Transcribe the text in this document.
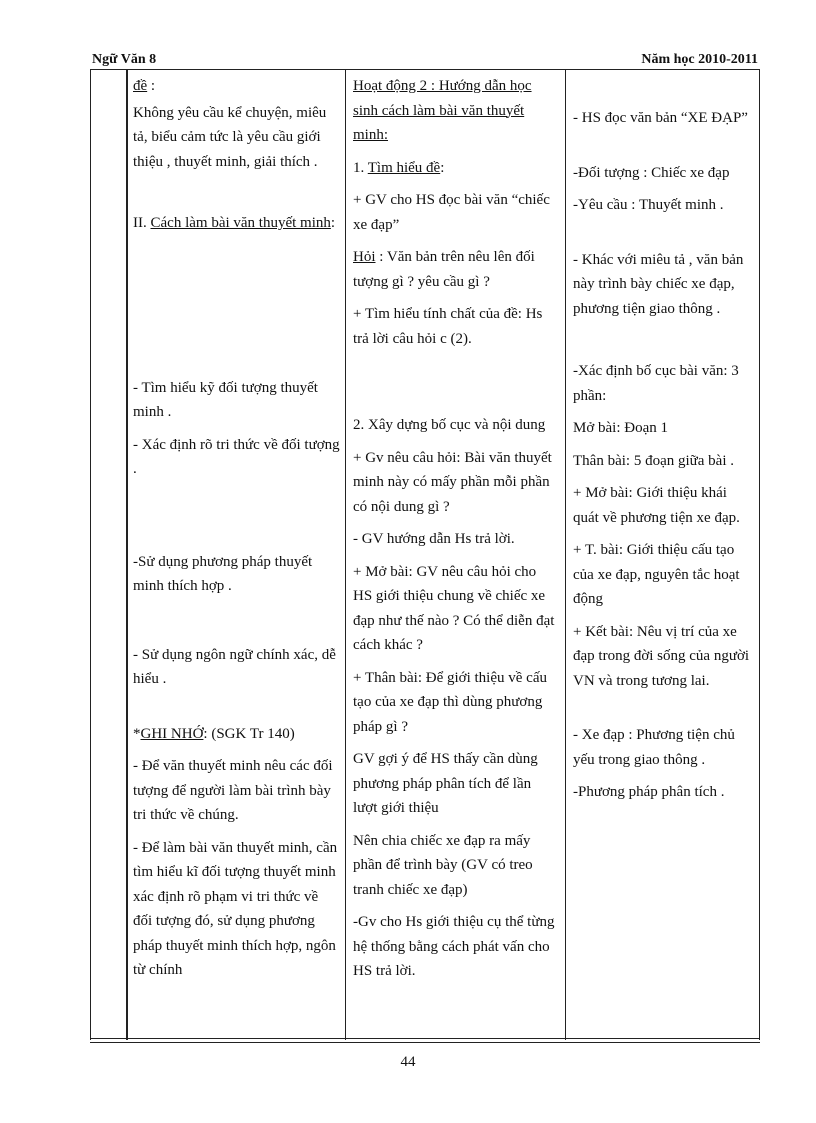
Ngữ Văn 8	Năm học 2010-2011

đề :

Không yêu cầu kể chuyện, miêu tả, biểu cảm tức là yêu cầu giới thiệu , thuyết minh, giải thích .

II. Cách làm bài văn thuyết minh:

- Tìm hiểu kỹ đối tượng thuyết minh .

- Xác định rõ tri thức về đối tượng .

-Sử dụng phương pháp thuyết minh thích hợp .

- Sử dụng ngôn ngữ chính xác, dễ hiểu .

*GHI NHỚ: (SGK Tr 140)

- Để văn thuyết minh nêu các đối tượng để người làm bài trình bày tri thức về chúng.

- Để làm bài văn thuyết minh, cần tìm hiểu kĩ đối tượng thuyết minh xác định rõ phạm vi tri thức về đối tượng đó, sử dụng phương pháp thuyết minh thích hợp, ngôn từ chính

Hoạt động 2 : Hướng dẫn học sinh cách làm bài văn thuyết minh:

1. Tìm hiểu đề:

+ GV cho HS đọc bài văn “chiếc xe đạp”

Hỏi : Văn bản trên nêu lên đối tượng gì ? yêu cầu gì ?

+ Tìm hiểu tính chất của đề: Hs trả lời câu hỏi c (2).

2. Xây dựng bố cục và nội dung

+ Gv nêu câu hỏi: Bài văn thuyết minh này có mấy phần mỗi phần có nội dung gì ?

- GV hướng dẫn Hs trả lời.

+ Mở bài: GV nêu câu hỏi cho HS giới thiệu chung về chiếc xe đạp như thế nào ? Có thể diễn đạt cách khác ?

+ Thân bài: Để giới thiệu về cấu tạo của xe đạp thì dùng phương pháp gì ?

GV gợi ý để HS thấy cần dùng phương pháp phân tích để lần lượt giới thiệu

Nên chia chiếc xe đạp ra mấy phần để trình bày (GV có treo tranh chiếc xe đạp)

-Gv cho Hs giới thiệu cụ thể từng hệ thống bằng cách phát vấn cho HS trả lời.

- HS đọc văn bản “XE ĐẠP”

-Đối tượng : Chiếc xe đạp

-Yêu cầu : Thuyết minh .

- Khác với miêu tả , văn bản này trình bày chiếc xe đạp, phương tiện giao thông .

-Xác định bố cục bài văn: 3 phần:

Mở bài: Đoạn 1

Thân bài: 5 đoạn giữa bài .

+ Mở bài: Giới thiệu khái quát về phương tiện xe đạp.

+ T. bài: Giới thiệu cấu tạo của xe đạp, nguyên tắc hoạt động

+ Kết bài: Nêu vị trí của xe đạp trong đời sống của người VN và trong tương lai.

- Xe đạp : Phương tiện chủ yếu trong giao thông .

-Phương pháp phân tích .

44
